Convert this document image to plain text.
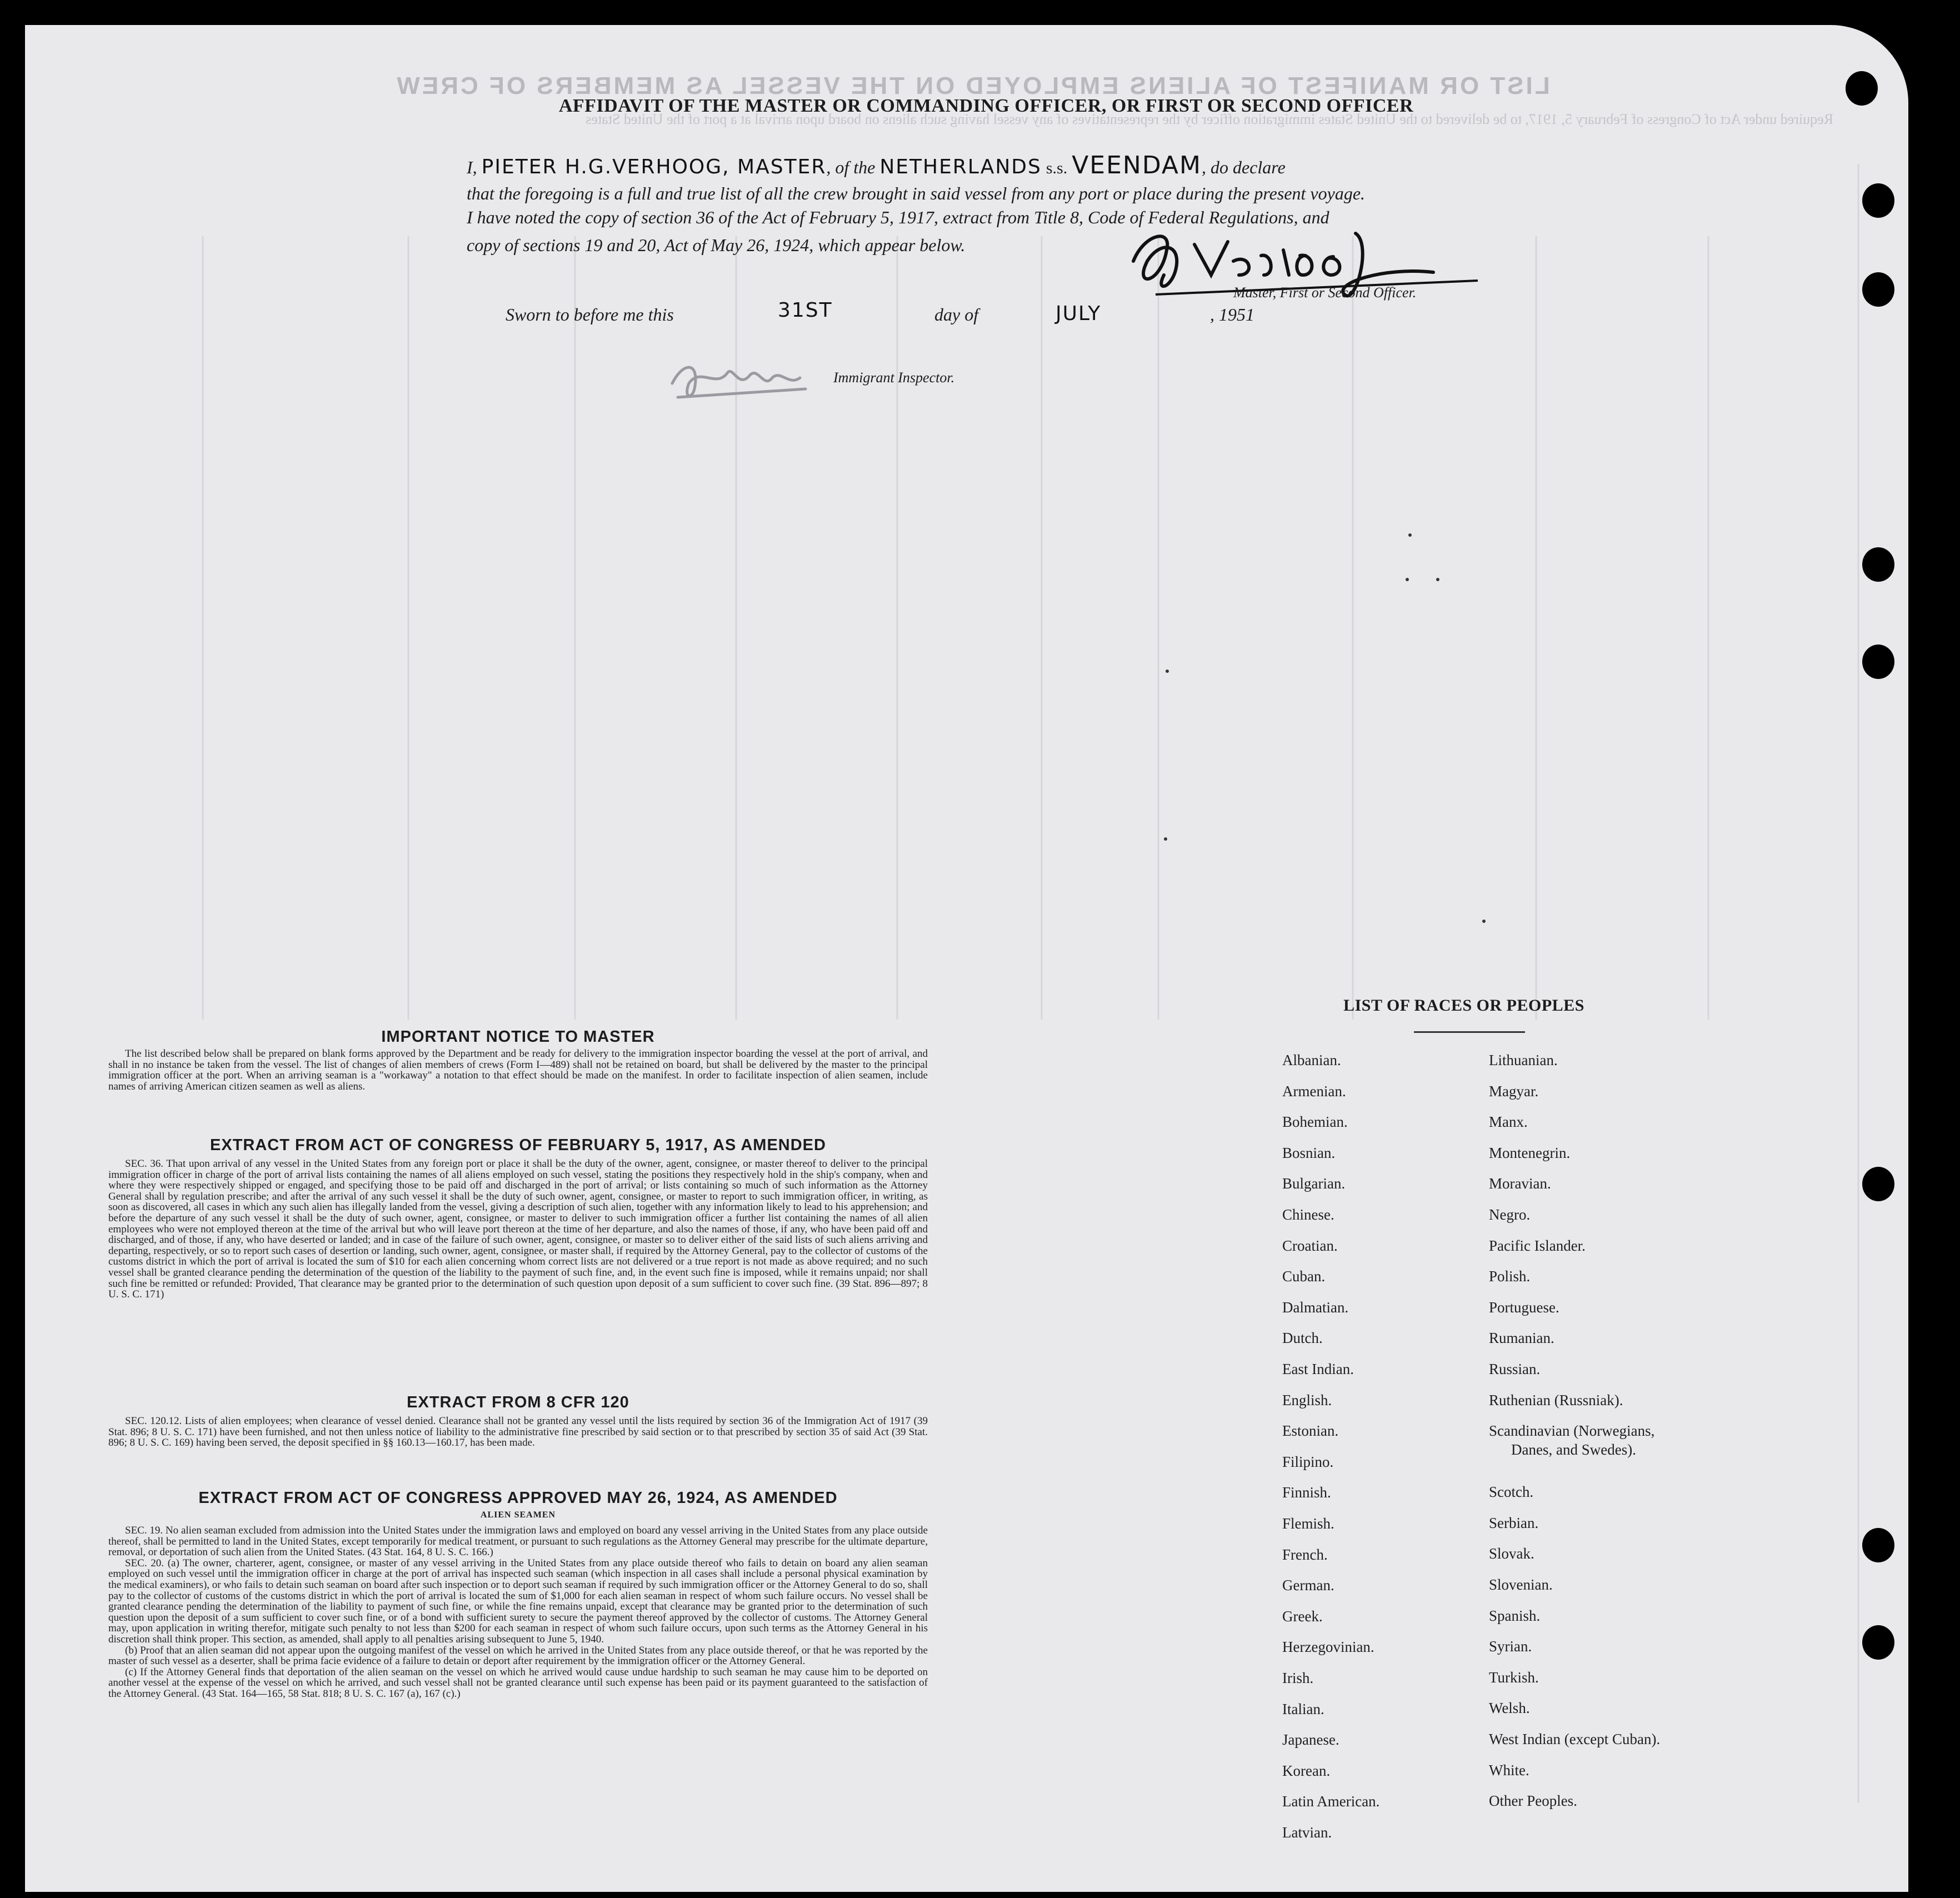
LIST OR MANIFEST OF ALIENS EMPLOYED ON THE VESSEL AS MEMBERS OF CREW
Required under Act of Congress of February 5, 1917, to be delivered to the United States immigration officer by the representatives of any vessel having such aliens on board upon arrival at a port of the United States
AFFIDAVIT OF THE MASTER OR COMMANDING OFFICER, OR FIRST OR SECOND OFFICER
I, PIETER H.G.VERHOOG, MASTER, of the NETHERLANDS s.s. VEENDAM, do declare
that the foregoing is a full and true list of all the crew brought in said vessel from any port or place during the present voyage.
I have noted the copy of section 36 of the Act of February 5, 1917, extract from Title 8, Code of Federal Regulations, and
copy of sections 19 and 20, Act of May 26, 1924, which appear below.
Master, First or Second Officer.
Sworn to before me this	31ST	day of	JULY	, 1951
Immigrant Inspector.
IMPORTANT NOTICE TO MASTER

The list described below shall be prepared on blank forms approved by the Department and be ready for delivery to the immigration inspector boarding the vessel at the port of arrival, and shall in no instance be taken from the vessel. The list of changes of alien members of crews (Form I—489) shall not be retained on board, but shall be delivered by the master to the principal immigration officer at the port. When an arriving seaman is a "workaway" a notation to that effect should be made on the manifest. In order to facilitate inspection of alien seamen, include names of arriving American citizen seamen as well as aliens.

EXTRACT FROM ACT OF CONGRESS OF FEBRUARY 5, 1917, AS AMENDED

SEC. 36. That upon arrival of any vessel in the United States from any foreign port or place it shall be the duty of the owner, agent, consignee, or master thereof to deliver to the principal immigration officer in charge of the port of arrival lists containing the names of all aliens employed on such vessel, stating the positions they respectively hold in the ship's company, when and where they were respectively shipped or engaged, and specifying those to be paid off and discharged in the port of arrival; or lists containing so much of such information as the Attorney General shall by regulation prescribe; and after the arrival of any such vessel it shall be the duty of such owner, agent, consignee, or master to report to such immigration officer, in writing, as soon as discovered, all cases in which any such alien has illegally landed from the vessel, giving a description of such alien, together with any information likely to lead to his apprehension; and before the departure of any such vessel it shall be the duty of such owner, agent, consignee, or master to deliver to such immigration officer a further list containing the names of all alien employees who were not employed thereon at the time of the arrival but who will leave port thereon at the time of her departure, and also the names of those, if any, who have been paid off and discharged, and of those, if any, who have deserted or landed; and in case of the failure of such owner, agent, consignee, or master so to deliver either of the said lists of such aliens arriving and departing, respectively, or so to report such cases of desertion or landing, such owner, agent, consignee, or master shall, if required by the Attorney General, pay to the collector of customs of the customs district in which the port of arrival is located the sum of $10 for each alien concerning whom correct lists are not delivered or a true report is not made as above required; and no such vessel shall be granted clearance pending the determination of the question of the liability to the payment of such fine, and, in the event such fine is imposed, while it remains unpaid; nor shall such fine be remitted or refunded: Provided, That clearance may be granted prior to the determination of such question upon deposit of a sum sufficient to cover such fine. (39 Stat. 896—897; 8 U. S. C. 171)

EXTRACT FROM 8 CFR 120

SEC. 120.12. Lists of alien employees; when clearance of vessel denied. Clearance shall not be granted any vessel until the lists required by section 36 of the Immigration Act of 1917 (39 Stat. 896; 8 U. S. C. 171) have been furnished, and not then unless notice of liability to the administrative fine prescribed by said section or to that prescribed by section 35 of said Act (39 Stat. 896; 8 U. S. C. 169) having been served, the deposit specified in §§ 160.13—160.17, has been made.

EXTRACT FROM ACT OF CONGRESS APPROVED MAY 26, 1924, AS AMENDED
ALIEN SEAMEN

SEC. 19. No alien seaman excluded from admission into the United States under the immigration laws and employed on board any vessel arriving in the United States from any place outside thereof, shall be permitted to land in the United States, except temporarily for medical treatment, or pursuant to such regulations as the Attorney General may prescribe for the ultimate departure, removal, or deportation of such alien from the United States. (43 Stat. 164, 8 U. S. C. 166.)

SEC. 20. (a) The owner, charterer, agent, consignee, or master of any vessel arriving in the United States from any place outside thereof who fails to detain on board any alien seaman employed on such vessel until the immigration officer in charge at the port of arrival has inspected such seaman (which inspection in all cases shall include a personal physical examination by the medical examiners), or who fails to detain such seaman on board after such inspection or to deport such seaman if required by such immigration officer or the Attorney General to do so, shall pay to the collector of customs of the customs district in which the port of arrival is located the sum of $1,000 for each alien seaman in respect of whom such failure occurs. No vessel shall be granted clearance pending the determination of the liability to payment of such fine, or while the fine remains unpaid, except that clearance may be granted prior to the determination of such question upon the deposit of a sum sufficient to cover such fine, or of a bond with sufficient surety to secure the payment thereof approved by the collector of customs. The Attorney General may, upon application in writing therefor, mitigate such penalty to not less than $200 for each seaman in respect of whom such failure occurs, upon such terms as the Attorney General in his discretion shall think proper. This section, as amended, shall apply to all penalties arising subsequent to June 5, 1940.

(b) Proof that an alien seaman did not appear upon the outgoing manifest of the vessel on which he arrived in the United States from any place outside thereof, or that he was reported by the master of such vessel as a deserter, shall be prima facie evidence of a failure to detain or deport after requirement by the immigration officer or the Attorney General.

(c) If the Attorney General finds that deportation of the alien seaman on the vessel on which he arrived would cause undue hardship to such seaman he may cause him to be deported on another vessel at the expense of the vessel on which he arrived, and such vessel shall not be granted clearance until such expense has been paid or its payment guaranteed to the satisfaction of the Attorney General. (43 Stat. 164—165, 58 Stat. 818; 8 U. S. C. 167 (a), 167 (c).)

LIST OF RACES OR PEOPLES
Albanian.
Armenian.
Bohemian.
Bosnian.
Bulgarian.
Chinese.
Croatian.
Cuban.
Dalmatian.
Dutch.
East Indian.
English.
Estonian.
Filipino.
Finnish.
Flemish.
French.
German.
Greek.
Herzegovinian.
Irish.
Italian.
Japanese.
Korean.
Latin American.
Latvian.
Lithuanian.
Magyar.
Manx.
Montenegrin.
Moravian.
Negro.
Pacific Islander.
Polish.
Portuguese.
Rumanian.
Russian.
Ruthenian (Russniak).
Scandinavian (Norwegians,
Danes, and Swedes).
Scotch.
Serbian.
Slovak.
Slovenian.
Spanish.
Syrian.
Turkish.
Welsh.
West Indian (except Cuban).
White.
Other Peoples.
